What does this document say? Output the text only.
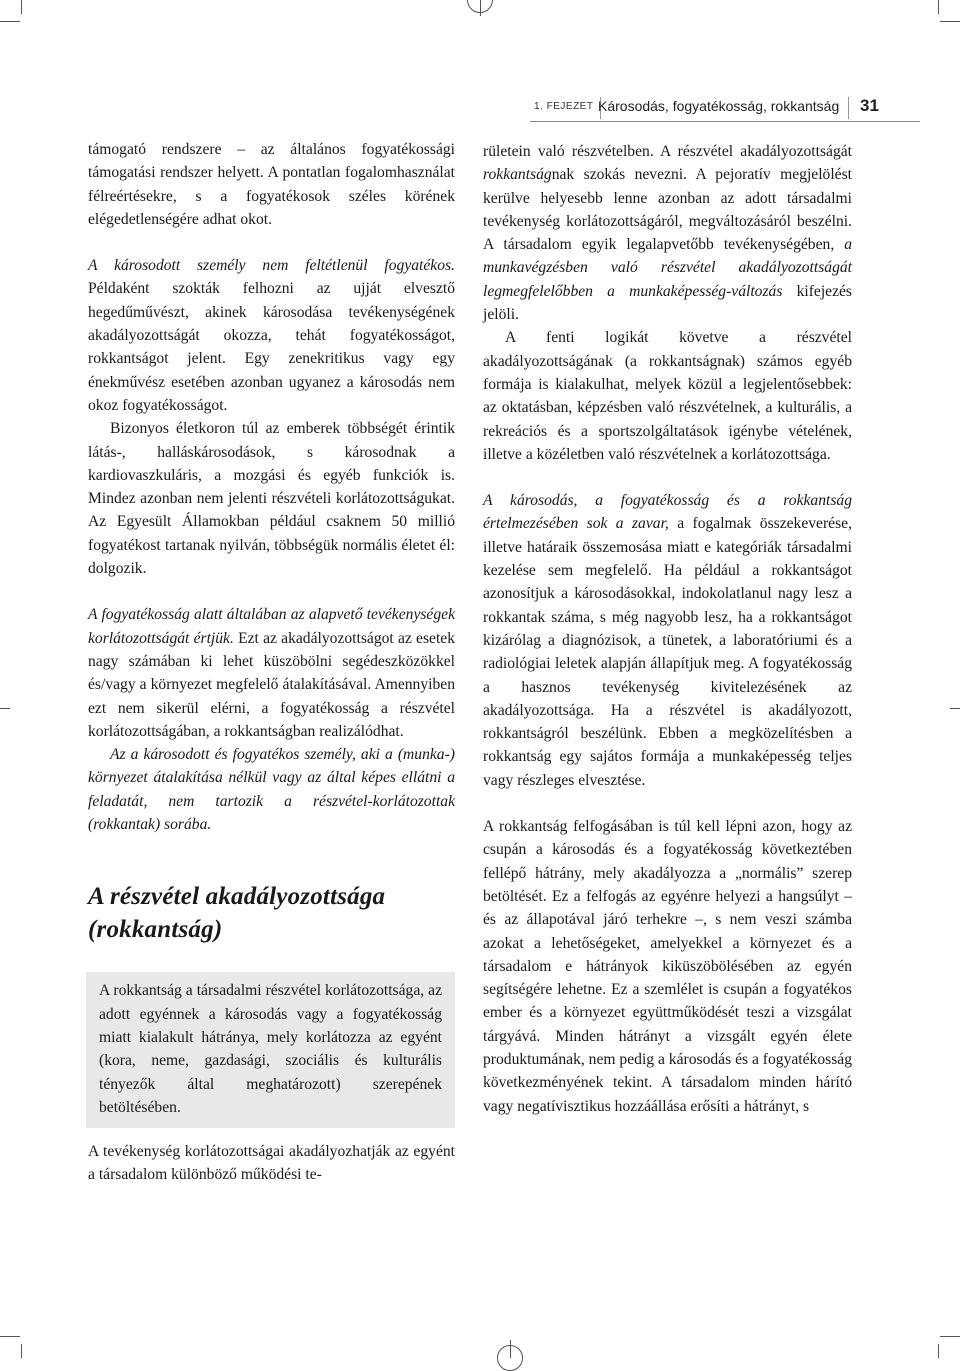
1. FEJEZET Károsodás, fogyatékosság, rokkantság 31

támogató rendszere – az általános fogyatékossági támogatási rendszer helyett. A pontatlan fogalomhasználat félreértésekre, s a fogyatékosok széles körének elégedetlenségére adhat okot.

A károsodott személy nem feltétlenül fogyatékos. Példaként szokták felhozni az ujját elvesztő hegedűművészt, akinek károsodása tevékenységének akadályozottságát okozza, tehát fogyatékosságot, rokkantságot jelent. Egy zenekritikus vagy egy énekművész esetében azonban ugyanez a károsodás nem okoz fogyatékosságot.

Bizonyos életkoron túl az emberek többségét érintik látás-, halláskárosodások, s károsodnak a kardiovaszkuláris, a mozgási és egyéb funkciók is. Mindez azonban nem jelenti részvételi korlátozottságukat. Az Egyesült Államokban például csaknem 50 millió fogyatékost tartanak nyilván, többségük normális életet él: dolgozik.

A fogyatékosság alatt általában az alapvető tevékenységek korlátozottságát értjük. Ezt az akadályozottságot az esetek nagy számában ki lehet küszöbölni segédeszközökkel és/vagy a környezet megfelelő átalakításával. Amennyiben ezt nem sikerül elérni, a fogyatékosság a részvétel korlátozottságában, a rokkantságban realizálódhat.

Az a károsodott és fogyatékos személy, aki a (munka-) környezet átalakítása nélkül vagy az által képes ellátni a feladatát, nem tartozik a részvétel-korlátozottak (rokkantak) sorába.

A részvétel akadályozottsága (rokkantság)

A rokkantság a társadalmi részvétel korlátozottsága, az adott egyénnek a károsodás vagy a fogyatékosság miatt kialakult hátránya, mely korlátozza az egyént (kora, neme, gazdasági, szociális és kulturális tényezők által meghatározott) szerepének betöltésében.

A tevékenység korlátozottságai akadályozhatják az egyént a társadalom különböző működési te-

rületein való részvételben. A részvétel akadályozottságát rokkantságnak szokás nevezni. A pejoratív megjelölést kerülve helyesebb lenne azonban az adott társadalmi tevékenység korlátozottságáról, megváltozásáról beszélni. A társadalom egyik legalapvetőbb tevékenységében, a munkavégzésben való részvétel akadályozottságát legmegfelelőbben a munkaképesség-változás kifejezés jelöli.

A fenti logikát követve a részvétel akadályozottságának (a rokkantságnak) számos egyéb formája is kialakulhat, melyek közül a legjelentősebbek: az oktatásban, képzésben való részvételnek, a kulturális, a rekreációs és a sportszolgáltatások igénybe vételének, illetve a közéletben való részvételnek a korlátozottsága.

A károsodás, a fogyatékosság és a rokkantság értelmezésében sok a zavar, a fogalmak összekeverése, illetve határaik összemosása miatt e kategóriák társadalmi kezelése sem megfelelő. Ha például a rokkantságot azonosítjuk a károsodásokkal, indokolatlanul nagy lesz a rokkantak száma, s még nagyobb lesz, ha a rokkantságot kizárólag a diagnózisok, a tünetek, a laboratóriumi és a radiológiai leletek alapján állapítjuk meg. A fogyatékosság a hasznos tevékenység kivitelezésének az akadályozottsága. Ha a részvétel is akadályozott, rokkantságról beszélünk. Ebben a megközelítésben a rokkantság egy sajátos formája a munkaképesség teljes vagy részleges elvesztése.

A rokkantság felfogásában is túl kell lépni azon, hogy az csupán a károsodás és a fogyatékosság következtében fellépő hátrány, mely akadályozza a „normális” szerep betöltését. Ez a felfogás az egyénre helyezi a hangsúlyt – és az állapotával járó terhekre –, s nem veszi számba azokat a lehetőségeket, amelyekkel a környezet és a társadalom e hátrányok kiküszöbölésében az egyén segítségére lehetne. Ez a szemlélet is csupán a fogyatékos ember és a környezet együttműködését teszi a vizsgálat tárgyává. Minden hátrányt a vizsgált egyén élete produktumának, nem pedig a károsodás és a fogyatékosság következményének tekint. A társadalom minden hárító vagy negatívisztikus hozzáállása erősíti a hátrányt, s
